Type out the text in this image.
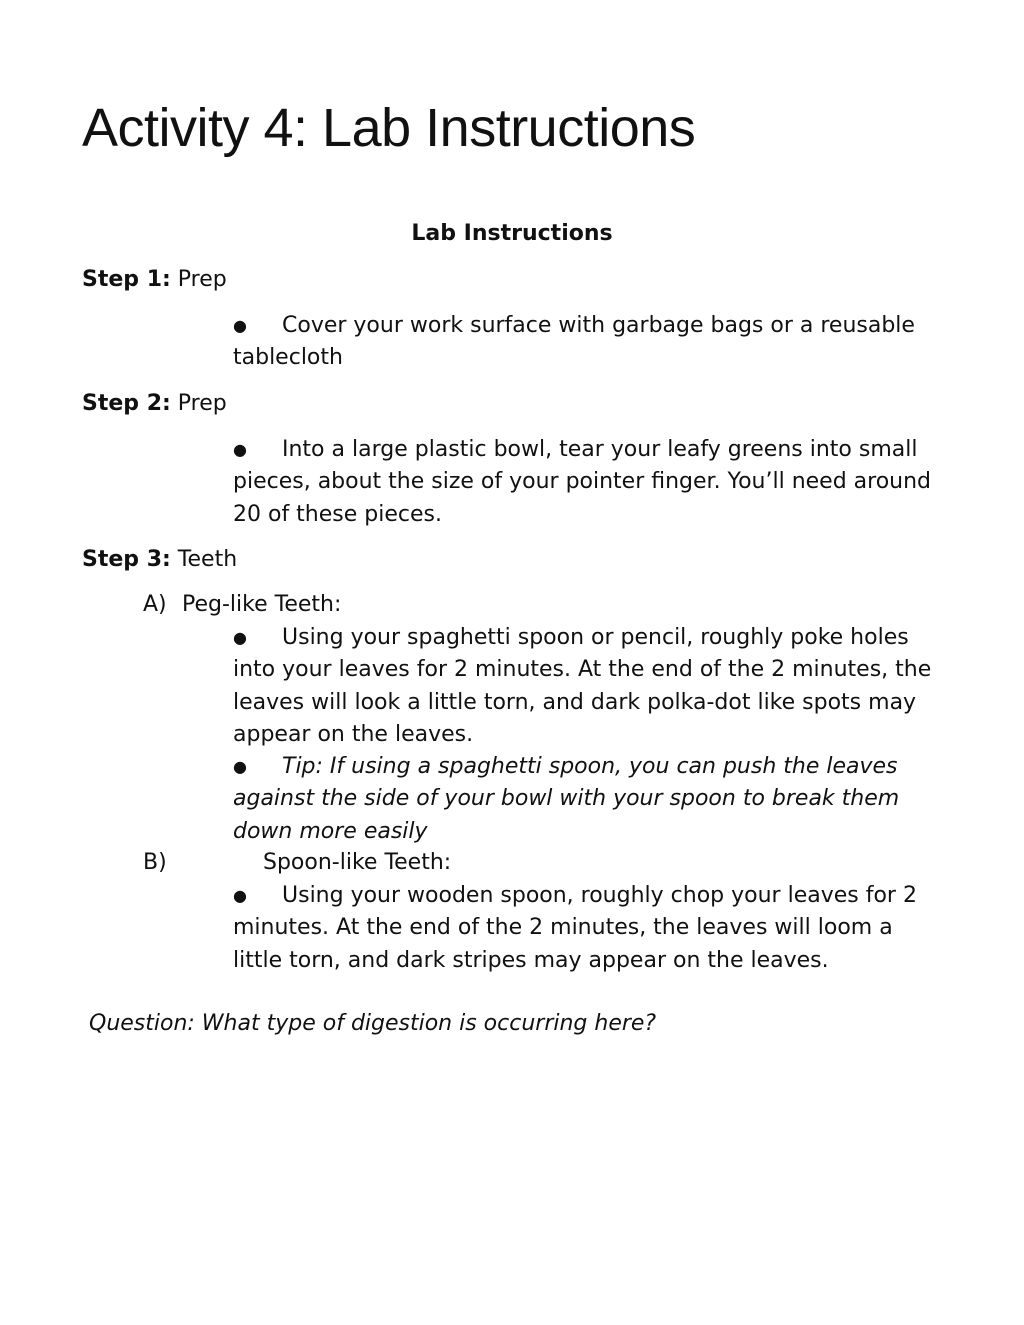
Activity 4: Lab Instructions
Lab Instructions
Step 1: Prep
● Cover your work surface with garbage bags or a reusable tablecloth
Step 2: Prep
● Into a large plastic bowl, tear your leafy greens into small pieces, about the size of your pointer finger. You’ll need around 20 of these pieces.
Step 3: Teeth
A) Peg-like Teeth:
● Using your spaghetti spoon or pencil, roughly poke holes into your leaves for 2 minutes. At the end of the 2 minutes, the leaves will look a little torn, and dark polka-dot like spots may appear on the leaves.
● Tip: If using a spaghetti spoon, you can push the leaves against the side of your bowl with your spoon to break them down more easily
B)	Spoon-like Teeth:
● Using your wooden spoon, roughly chop your leaves for 2 minutes. At the end of the 2 minutes, the leaves will loom a little torn, and dark stripes may appear on the leaves.
Question: What type of digestion is occurring here?
